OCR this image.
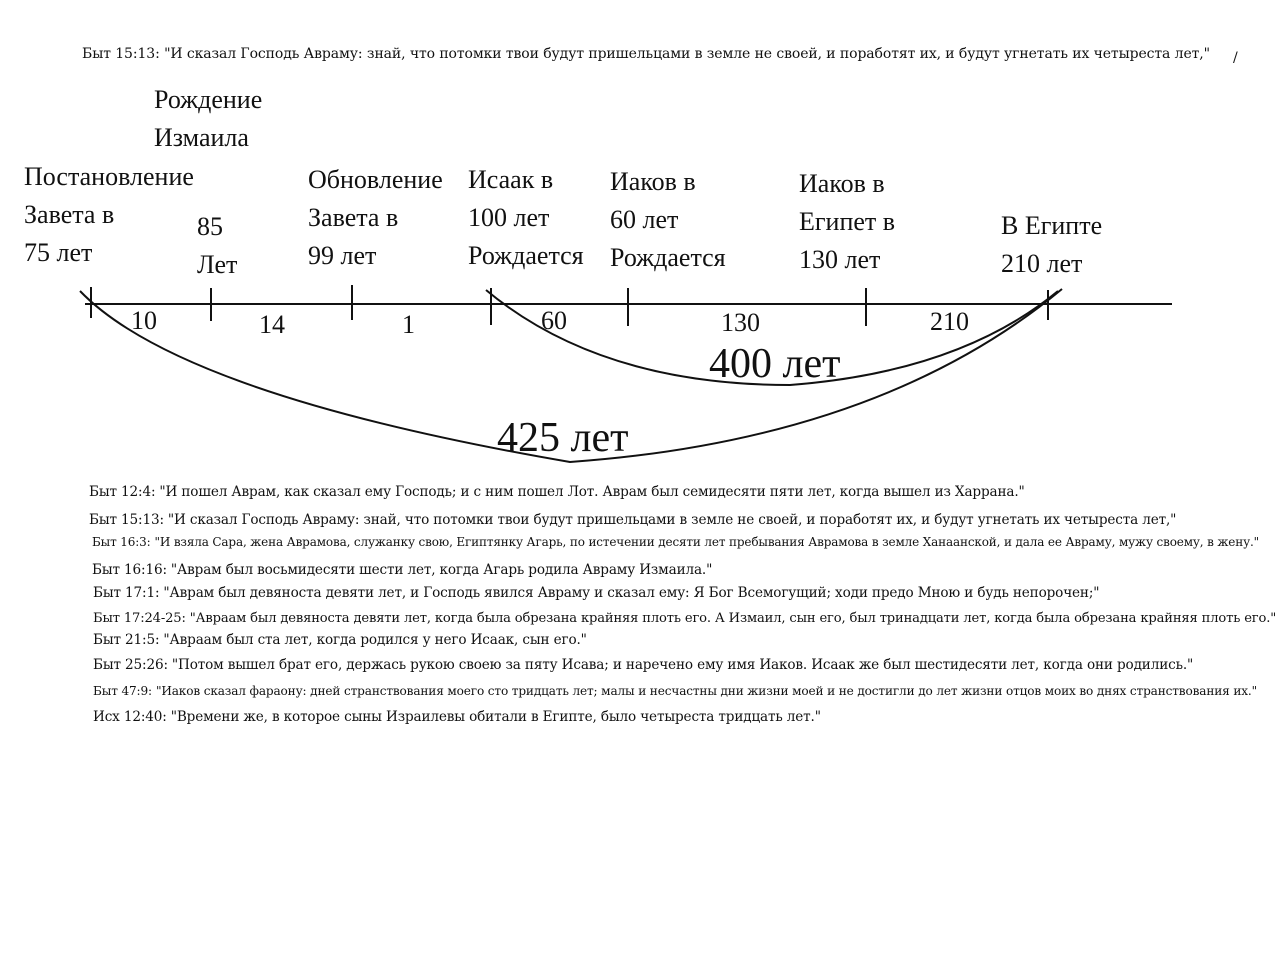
Быт 15:13: "И сказал Господь Авраму: знай, что потомки твои будут пришельцами в земле не своей, и поработят их, и будут угнетать их четыреста лет," /
Постановление
Завета в
75 лет
Рождение
Измаила
85
Лет
Обновление
Завета в
99 лет
Исаак в
100 лет
Рождается
Иаков в
60 лет
Рождается
Иаков в
Египет в
130 лет
В Египте
210 лет
10	14	1	60	130	210
400 лет
425 лет
Быт 12:4: "И пошел Аврам, как сказал ему Господь; и с ним пошел Лот. Аврам был семидесяти пяти лет, когда вышел из Харрана."
Быт 15:13: "И сказал Господь Авраму: знай, что потомки твои будут пришельцами в земле не своей, и поработят их, и будут угнетать их четыреста лет,"
Быт 16:3: "И взяла Сара, жена Аврамова, служанку свою, Египтянку Агарь, по истечении десяти лет пребывания Аврамова в земле Ханаанской, и дала ее Авраму, мужу своему, в жену."
Быт 16:16: "Аврам был восьмидесяти шести лет, когда Агарь родила Авраму Измаила."
Быт 17:1: "Аврам был девяноста девяти лет, и Господь явился Авраму и сказал ему: Я Бог Всемогущий; ходи предо Мною и будь непорочен;"
Быт 17:24-25: "Авраам был девяноста девяти лет, когда была обрезана крайняя плоть его. А Измаил, сын его, был тринадцати лет, когда была обрезана крайняя плоть его."
Быт 21:5: "Авраам был ста лет, когда родился у него Исаак, сын его."
Быт 25:26: "Потом вышел брат его, держась рукою своею за пяту Исава; и наречено ему имя Иаков. Исаак же был шестидесяти лет, когда они родились."
Быт 47:9: "Иаков сказал фараону: дней странствования моего сто тридцать лет; малы и несчастны дни жизни моей и не достигли до лет жизни отцов моих во днях странствования их."
Исх 12:40: "Времени же, в которое сыны Израилевы обитали в Египте, было четыреста тридцать лет."
